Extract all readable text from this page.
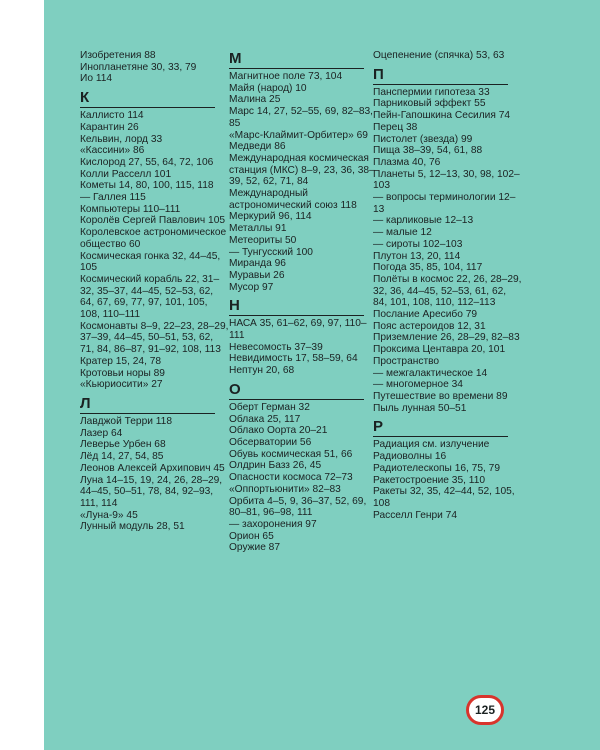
Изобретения 88
Инопланетяне 30, 33, 79
Ио 114
К
Каллисто 114
Карантин 26
Кельвин, лорд 33
«Кассини» 86
Кислород 27, 55, 64, 72, 106
Колли Расселл 101
Кометы 14, 80, 100, 115, 118
— Галлея 115
Компьютеры 110–111
Королёв Сергей Павлович 105
Королевское астрономическое общество 60
Космическая гонка 32, 44–45, 105
Космический корабль 22, 31–32, 35–37, 44–45, 52–53, 62, 64, 67, 69, 77, 97, 101, 105, 108, 110–111
Космонавты 8–9, 22–23, 28–29, 37–39, 44–45, 50–51, 53, 62, 71, 84, 86–87, 91–92, 108, 113
Кратер 15, 24, 78
Кротовьи норы 89
«Кьюриосити» 27
Л
Лавджой Терри 118
Лазер 64
Леверье Урбен 68
Лёд 14, 27, 54, 85
Леонов Алексей Архипович 45
Луна 14–15, 19, 24, 26, 28–29, 44–45, 50–51, 78, 84, 92–93, 111, 114
«Луна-9» 45
Лунный модуль 28, 51
М
Магнитное поле 73, 104
Майя (народ) 10
Малина 25
Марс 14, 27, 52–55, 69, 82–83, 85
«Марс-Клаймит-Орбитер» 69
Медведи 86
Международная космическая станция (МКС) 8–9, 23, 36, 38–39, 52, 62, 71, 84
Международный астрономический союз 118
Меркурий 96, 114
Металлы 91
Метеориты 50
— Тунгусский 100
Миранда 96
Муравьи 26
Мусор 97
Н
НАСА 35, 61–62, 69, 97, 110–111
Невесомость 37–39
Невидимость 17, 58–59, 64
Нептун 20, 68
О
Оберт Герман 32
Облака 25, 117
Облако Оорта 20–21
Обсерватории 56
Обувь космическая 51, 66
Олдрин Базз 26, 45
Опасности космоса 72–73
«Оппортьюнити» 82–83
Орбита 4–5, 9, 36–37, 52, 69, 80–81, 96–98, 111
— захоронения 97
Орион 65
Оружие 87
Оцепенение (спячка) 53, 63
П
Панспермии гипотеза 33
Парниковый эффект 55
Пейн-Гапошкина Сесилия 74
Перец 38
Пистолет (звезда) 99
Пища 38–39, 54, 61, 88
Плазма 40, 76
Планеты 5, 12–13, 30, 98, 102–103
— вопросы терминологии 12–13
— карликовые 12–13
— малые 12
— сироты 102–103
Плутон 13, 20, 114
Погода 35, 85, 104, 117
Полёты в космос 22, 26, 28–29, 32, 36, 44–45, 52–53, 61, 62, 84, 101, 108, 110, 112–113
Послание Аресибо 79
Пояс астероидов 12, 31
Приземление 26, 28–29, 82–83
Проксима Центавра 20, 101
Пространство
— межгалактическое 14
— многомерное 34
Путешествие во времени 89
Пыль лунная 50–51
Р
Радиация см. излучение
Радиоволны 16
Радиотелескопы 16, 75, 79
Ракетостроение 35, 110
Ракеты 32, 35, 42–44, 52, 105, 108
Расселл Генри 74
125
